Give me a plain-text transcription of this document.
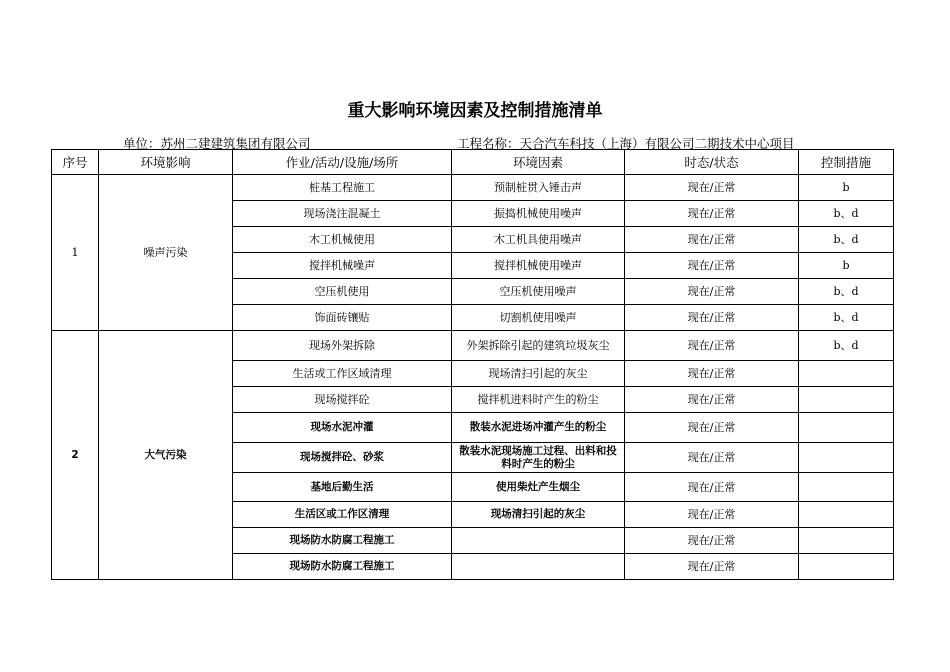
重大影响环境因素及控制措施清单
单位：苏州二建建筑集团有限公司	工程名称：天合汽车科技（上海）有限公司二期技术中心项目
序号	环境影响	作业/活动/设施/场所	环境因素	时态/状态	控制措施
1	噪声污染	桩基工程施工	预制桩贯入锤击声	现在/正常	b
		现场浇注混凝土	振捣机械使用噪声	现在/正常	b、d
		木工机械使用	木工机具使用噪声	现在/正常	b、d
		搅拌机械噪声	搅拌机械使用噪声	现在/正常	b
		空压机使用	空压机使用噪声	现在/正常	b、d
		饰面砖镶贴	切割机使用噪声	现在/正常	b、d
2	大气污染	现场外架拆除	外架拆除引起的建筑垃圾灰尘	现在/正常	b、d
		生活或工作区域清理	现场清扫引起的灰尘	现在/正常	
		现场搅拌砼	搅拌机进料时产生的粉尘	现在/正常	
		现场水泥冲灌	散装水泥进场冲灌产生的粉尘	现在/正常	
		现场搅拌砼、砂浆	散装水泥现场施工过程、出料和投料时产生的粉尘	现在/正常	
		基地后勤生活	使用柴灶产生烟尘	现在/正常	
		生活区或工作区清理	现场清扫引起的灰尘	现在/正常	
		现场防水防腐工程施工		现在/正常	
		现场防水防腐工程施工		现在/正常	
